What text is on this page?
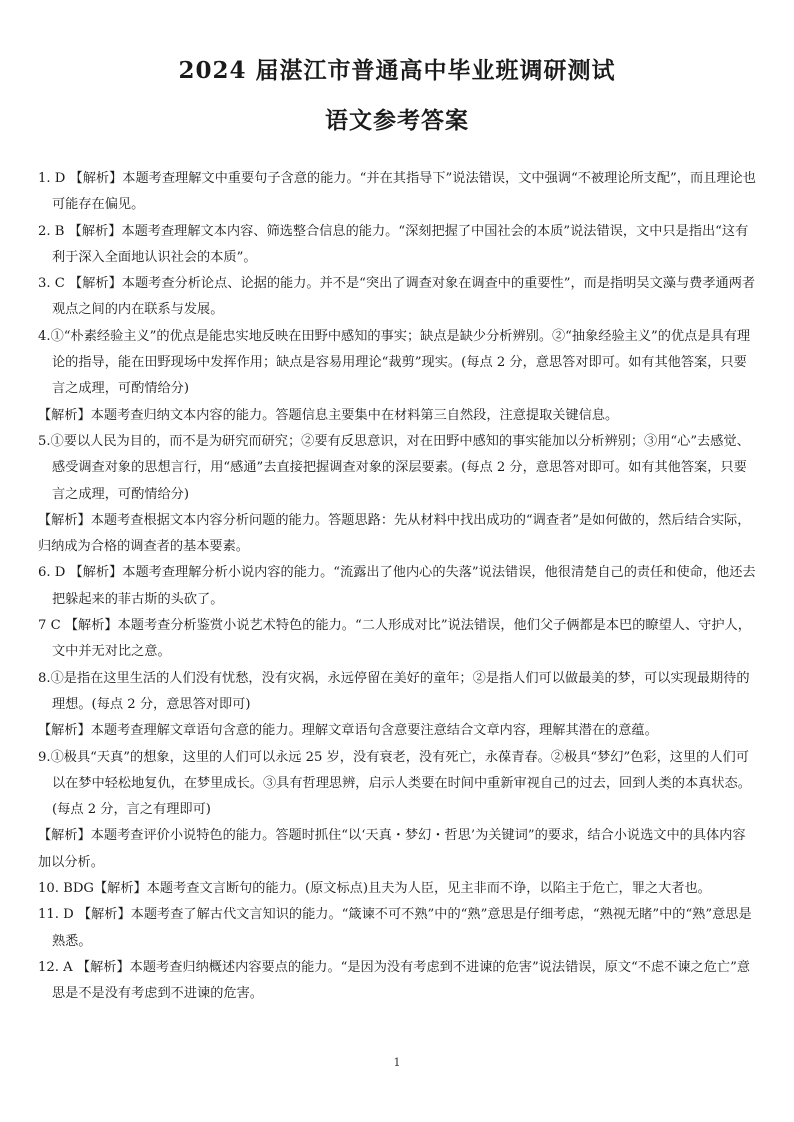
2024 届湛江市普通高中毕业班调研测试
语文参考答案

1. D 【解析】本题考查理解文中重要句子含意的能力。“并在其指导下”说法错误，文中强调“不被理论所支配”，而且理论也可能存在偏见。

2. B 【解析】本题考查理解文本内容、筛选整合信息的能力。“深刻把握了中国社会的本质”说法错误，文中只是指出“这有利于深入全面地认识社会的本质”。

3. C 【解析】本题考查分析论点、论据的能力。并不是“突出了调查对象在调查中的重要性”，而是指明吴文藻与费孝通两者观点之间的内在联系与发展。

4.①“朴素经验主义”的优点是能忠实地反映在田野中感知的事实；缺点是缺少分析辨别。②“抽象经验主义”的优点是具有理论的指导，能在田野现场中发挥作用；缺点是容易用理论“裁剪”现实。(每点 2 分，意思答对即可。如有其他答案，只要言之成理，可酌情给分)

【解析】本题考查归纳文本内容的能力。答题信息主要集中在材料第三自然段，注意提取关键信息。

5.①要以人民为目的，而不是为研究而研究；②要有反思意识，对在田野中感知的事实能加以分析辨别；③用“心”去感觉、感受调查对象的思想言行，用“感通”去直接把握调查对象的深层要素。(每点 2 分，意思答对即可。如有其他答案，只要言之成理，可酌情给分)

【解析】本题考查根据文本内容分析问题的能力。答题思路：先从材料中找出成功的“调查者”是如何做的，然后结合实际，归纳成为合格的调查者的基本要素。

6. D 【解析】本题考查理解分析小说内容的能力。“流露出了他内心的失落”说法错误，他很清楚自己的责任和使命，他还去把躲起来的菲古斯的头砍了。

7 C 【解析】本题考查分析鉴赏小说艺术特色的能力。“二人形成对比”说法错误，他们父子俩都是本巴的瞭望人、守护人，文中并无对比之意。

8.①是指在这里生活的人们没有忧愁，没有灾祸，永远停留在美好的童年；②是指人们可以做最美的梦，可以实现最期待的理想。(每点 2 分，意思答对即可)

【解析】本题考查理解文章语句含意的能力。理解文章语句含意要注意结合文章内容，理解其潜在的意蕴。

9.①极具“天真”的想象，这里的人们可以永远 25 岁，没有衰老，没有死亡，永葆青春。②极具“梦幻”色彩，这里的人们可以在梦中轻松地复仇，在梦里成长。③具有哲理思辨，启示人类要在时间中重新审视自己的过去，回到人类的本真状态。(每点 2 分，言之有理即可)

【解析】本题考查评价小说特色的能力。答题时抓住“以‘天真・梦幻・哲思’为关键词”的要求，结合小说选文中的具体内容加以分析。

10. BDG【解析】本题考查文言断句的能力。(原文标点)且夫为人臣，见主非而不诤，以陷主于危亡，罪之大者也。

11. D 【解析】本题考查了解古代文言知识的能力。“箴谏不可不熟”中的“熟”意思是仔细考虑，“熟视无睹”中的“熟”意思是熟悉。

12. A 【解析】本题考查归纳概述内容要点的能力。“是因为没有考虑到不进谏的危害”说法错误，原文“不虑不谏之危亡”意思是不是没有考虑到不进谏的危害。

1
